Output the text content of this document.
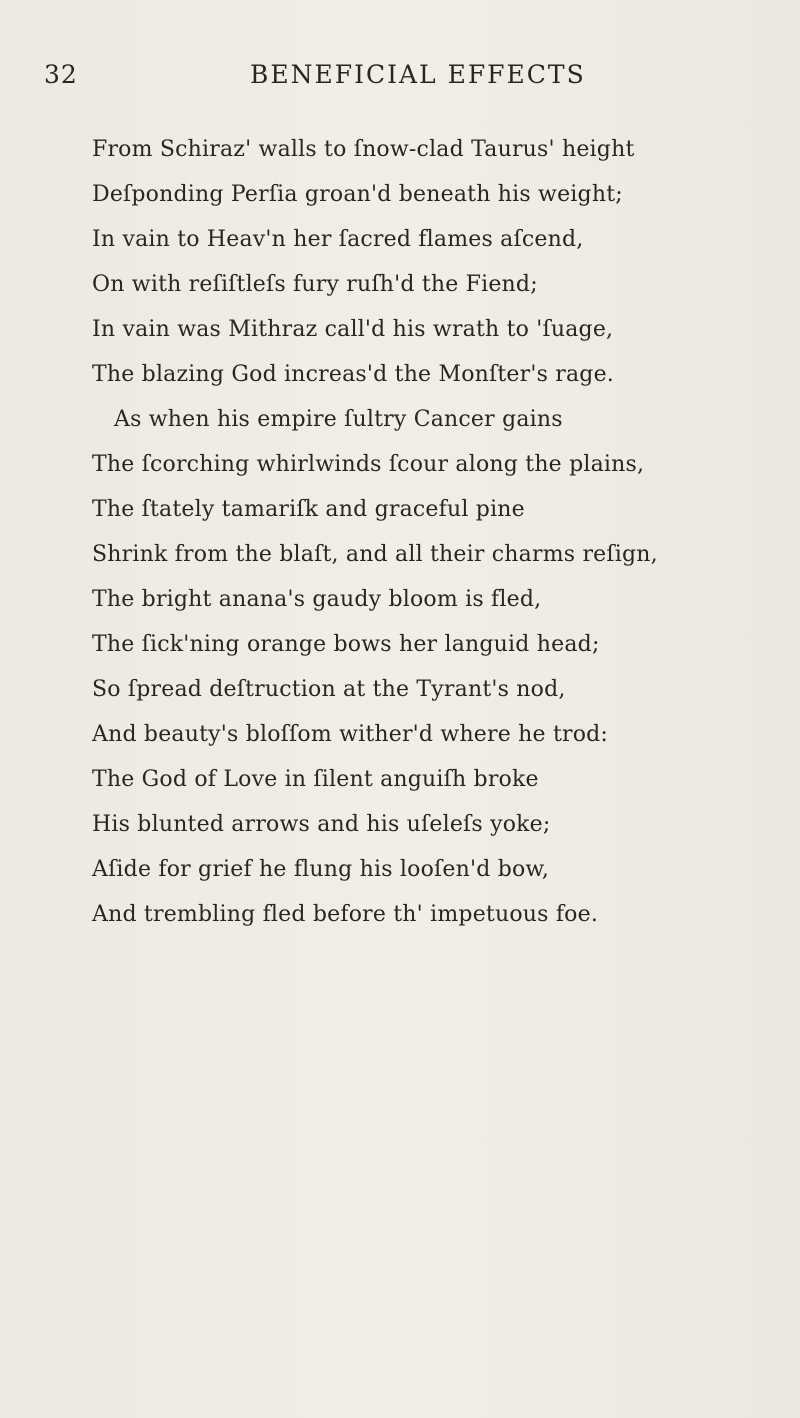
32	BENEFICIAL EFFECTS
From Schiraz' walls to ſnow-clad Taurus' height
Deſponding Perſia groan'd beneath his weight;
In vain to Heav'n her ſacred flames aſcend,
On with reſiſtleſs fury ruſh'd the Fiend;
In vain was Mithraz call'd his wrath to 'ſuage,
The blazing God increas'd the Monſter's rage.
As when his empire ſultry Cancer gains
The ſcorching whirlwinds ſcour along the plains,
The ſtately tamariſk and graceful pine
Shrink from the blaſt, and all their charms reſign,
The bright anana's gaudy bloom is fled,
The ſick'ning orange bows her languid head;
So ſpread deſtruction at the Tyrant's nod,
And beauty's bloſſom wither'd where he trod:
The God of Love in ſilent anguiſh broke
His blunted arrows and his uſeleſs yoke;
Aſide for grief he flung his looſen'd bow,
And trembling fled before th' impetuous foe.
